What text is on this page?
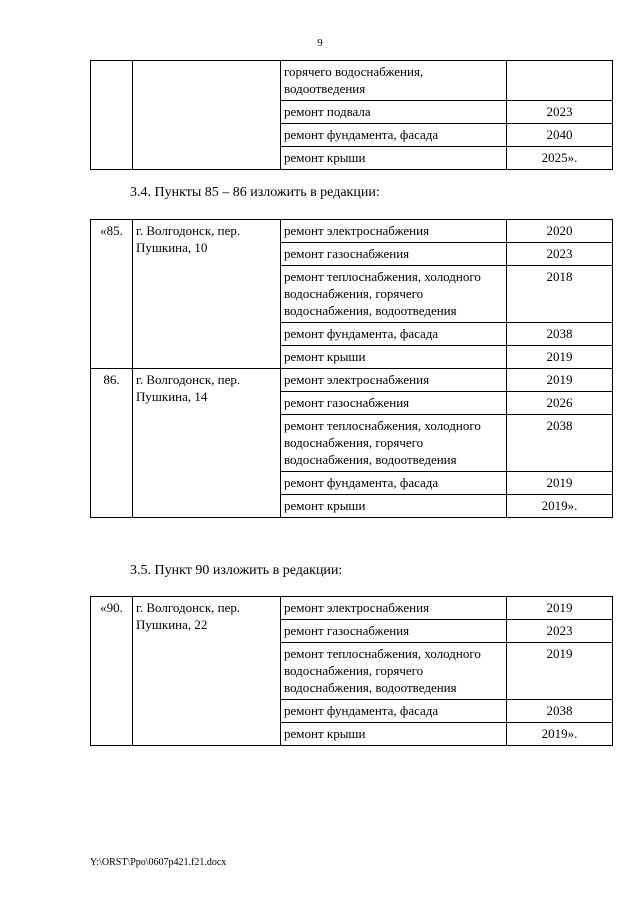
9
		горячего водоснабжения, водоотведения	
		ремонт подвала	2023
		ремонт фундамента, фасада	2040
		ремонт крыши	2025».
3.4. Пункты 85 – 86 изложить в редакции:
«85.	г. Волгодонск, пер. Пушкина, 10	ремонт электроснабжения	2020
		ремонт газоснабжения	2023
		ремонт теплоснабжения, холодного водоснабжения, горячего водоснабжения, водоотведения	2018
		ремонт фундамента, фасада	2038
		ремонт крыши	2019
86.	г. Волгодонск, пер. Пушкина, 14	ремонт электроснабжения	2019
		ремонт газоснабжения	2026
		ремонт теплоснабжения, холодного водоснабжения, горячего водоснабжения, водоотведения	2038
		ремонт фундамента, фасада	2019
		ремонт крыши	2019».
3.5. Пункт 90 изложить в редакции:
«90.	г. Волгодонск, пер. Пушкина, 22	ремонт электроснабжения	2019
		ремонт газоснабжения	2023
		ремонт теплоснабжения, холодного водоснабжения, горячего водоснабжения, водоотведения	2019
		ремонт фундамента, фасада	2038
		ремонт крыши	2019».
Y:\ORST\Ppo\0607p421.f21.docx
